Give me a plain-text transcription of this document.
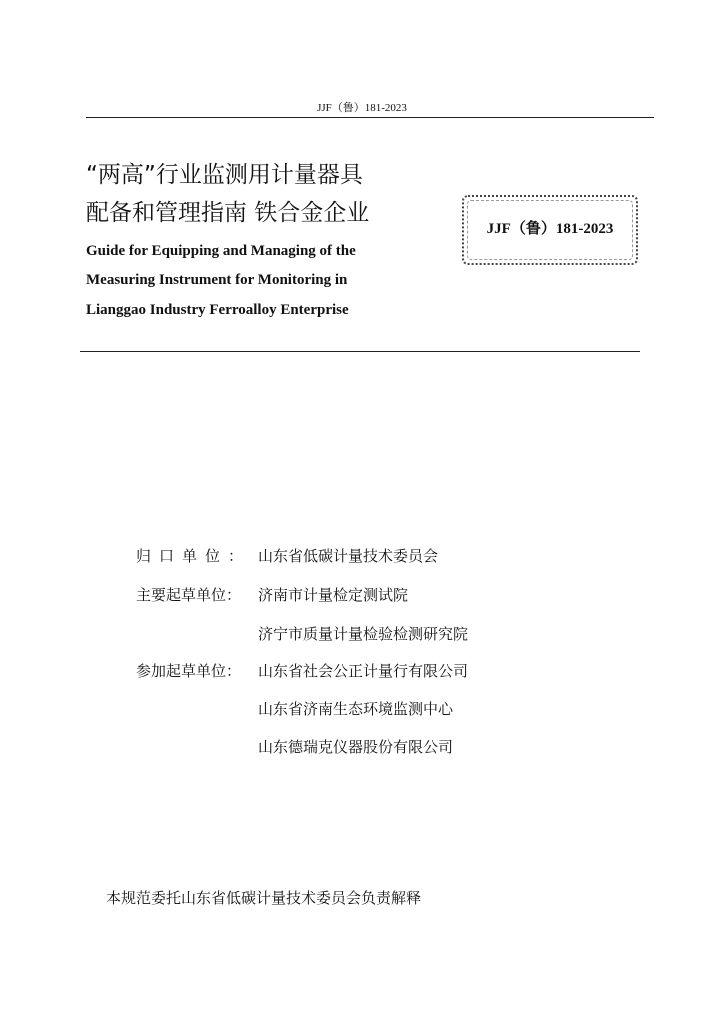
JJF（鲁）181-2023
“两高”行业监测用计量器具
配备和管理指南 铁合金企业
Guide for Equipping and Managing of the
Measuring Instrument for Monitoring in
Lianggao Industry Ferroalloy Enterprise
JJF（鲁）181-2023
归口单位： 山东省低碳计量技术委员会
主要起草单位：	济南市计量检定测试院
济宁市质量计量检验检测研究院
参加起草单位：	山东省社会公正计量行有限公司
山东省济南生态环境监测中心
山东德瑞克仪器股份有限公司
本规范委托山东省低碳计量技术委员会负责解释
